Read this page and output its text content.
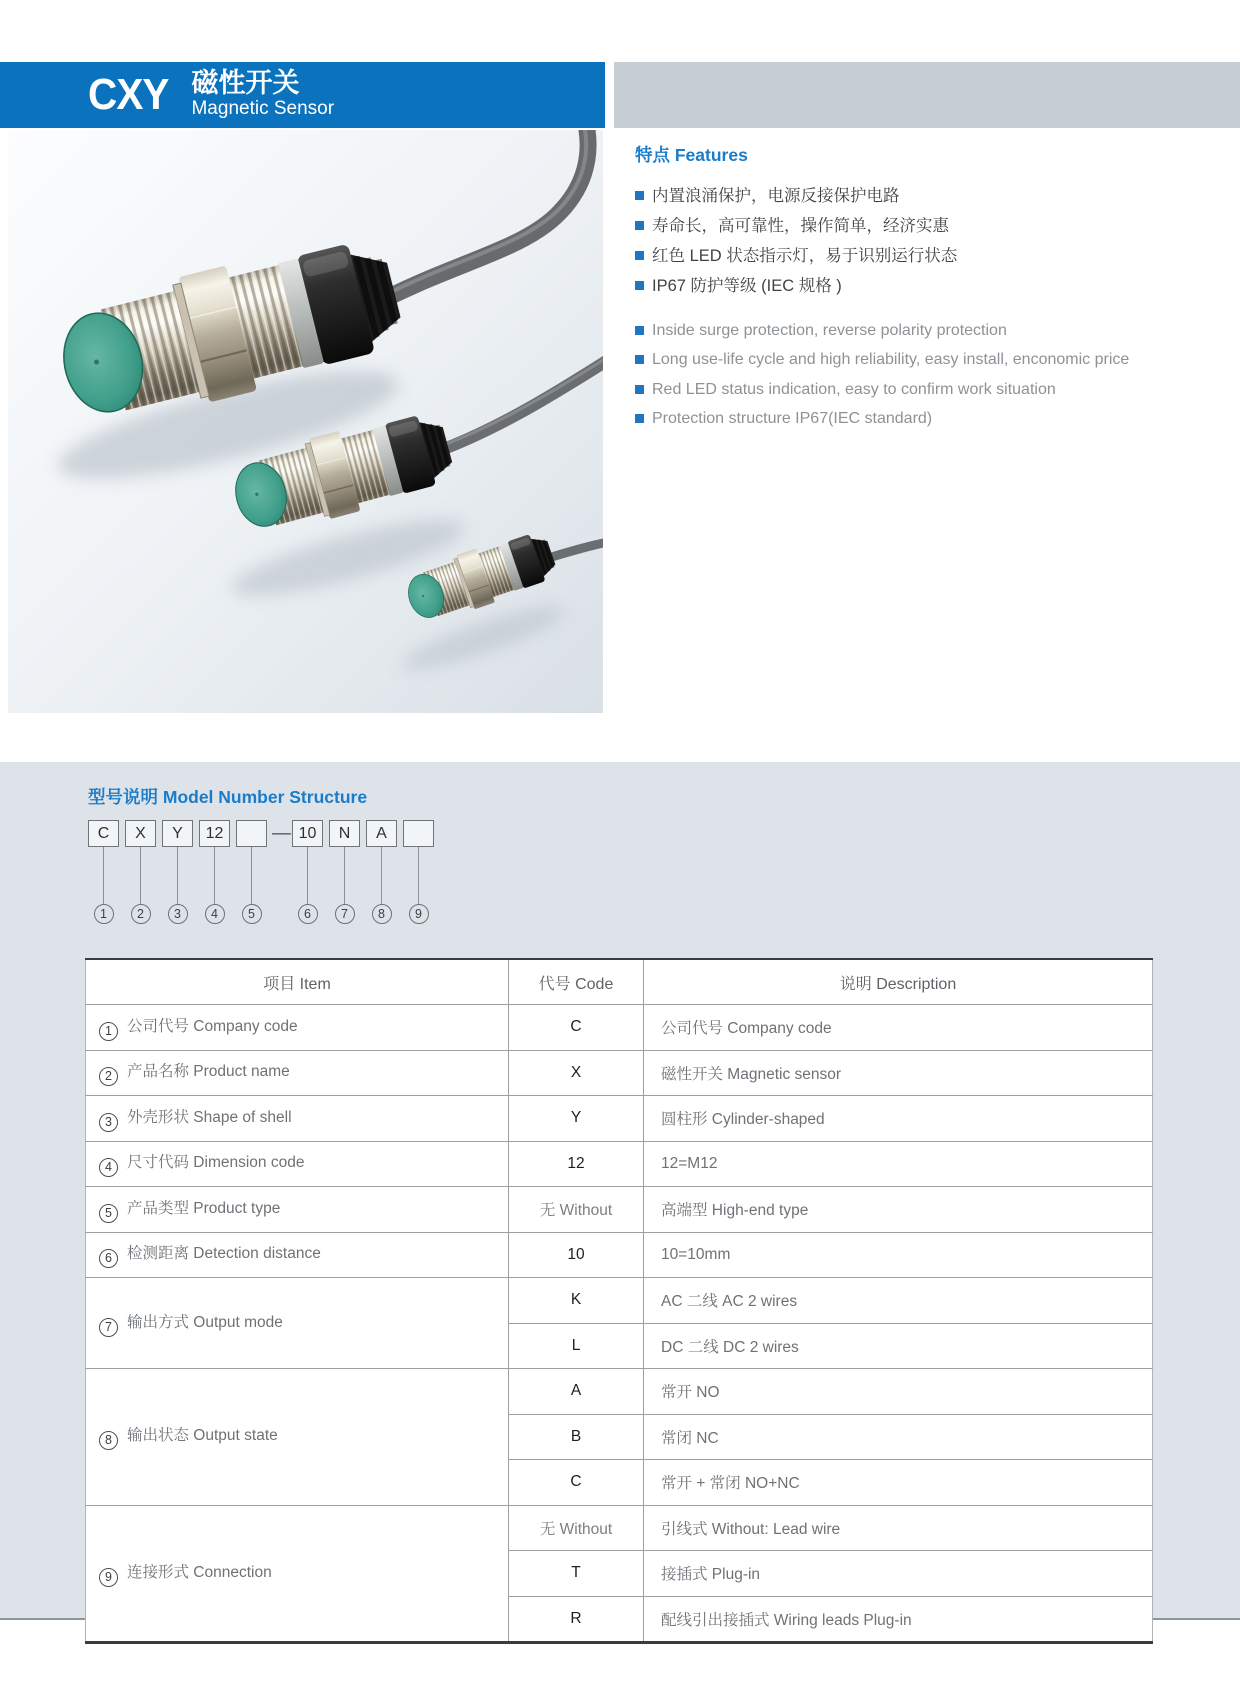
CXY 磁性开关
Magnetic Sensor
特点 Features
内置浪涌保护，电源反接保护电路
寿命长，高可靠性，操作简单，经济实惠
红色 LED 状态指示灯，易于识别运行状态
IP67 防护等级 (IEC 规格 )
Inside surge protection, reverse polarity protection
Long use-life cycle and high reliability, easy install, enconomic price
Red LED status indication, easy to confirm work situation
Protection structure IP67(IEC standard)
型号说明 Model Number Structure
C
1
X
2
Y
3
12
4	5
10
6
N
7
A
8	9
—
项目 Item	代号 Code	说明 Description
1 公司代号 Company code	C	公司代号 Company code
2 产品名称 Product name	X	磁性开关 Magnetic sensor
3 外壳形状 Shape of shell	Y	圆柱形 Cylinder-shaped
4 尺寸代码 Dimension code	12	12=M12
5 产品类型 Product type	无 Without	高端型 High-end type
6 检测距离 Detection distance	10	10=10mm
7 输出方式 Output mode	K	AC 二线 AC 2 wires
	L	DC 二线 DC 2 wires
8 输出状态 Output state	A	常开 NO
	B	常闭 NC
	C	常开 + 常闭 NO+NC
9 连接形式 Connection	无 Without	引线式 Without: Lead wire
	T	接插式 Plug-in
	R	配线引出接插式 Wiring leads Plug-in
